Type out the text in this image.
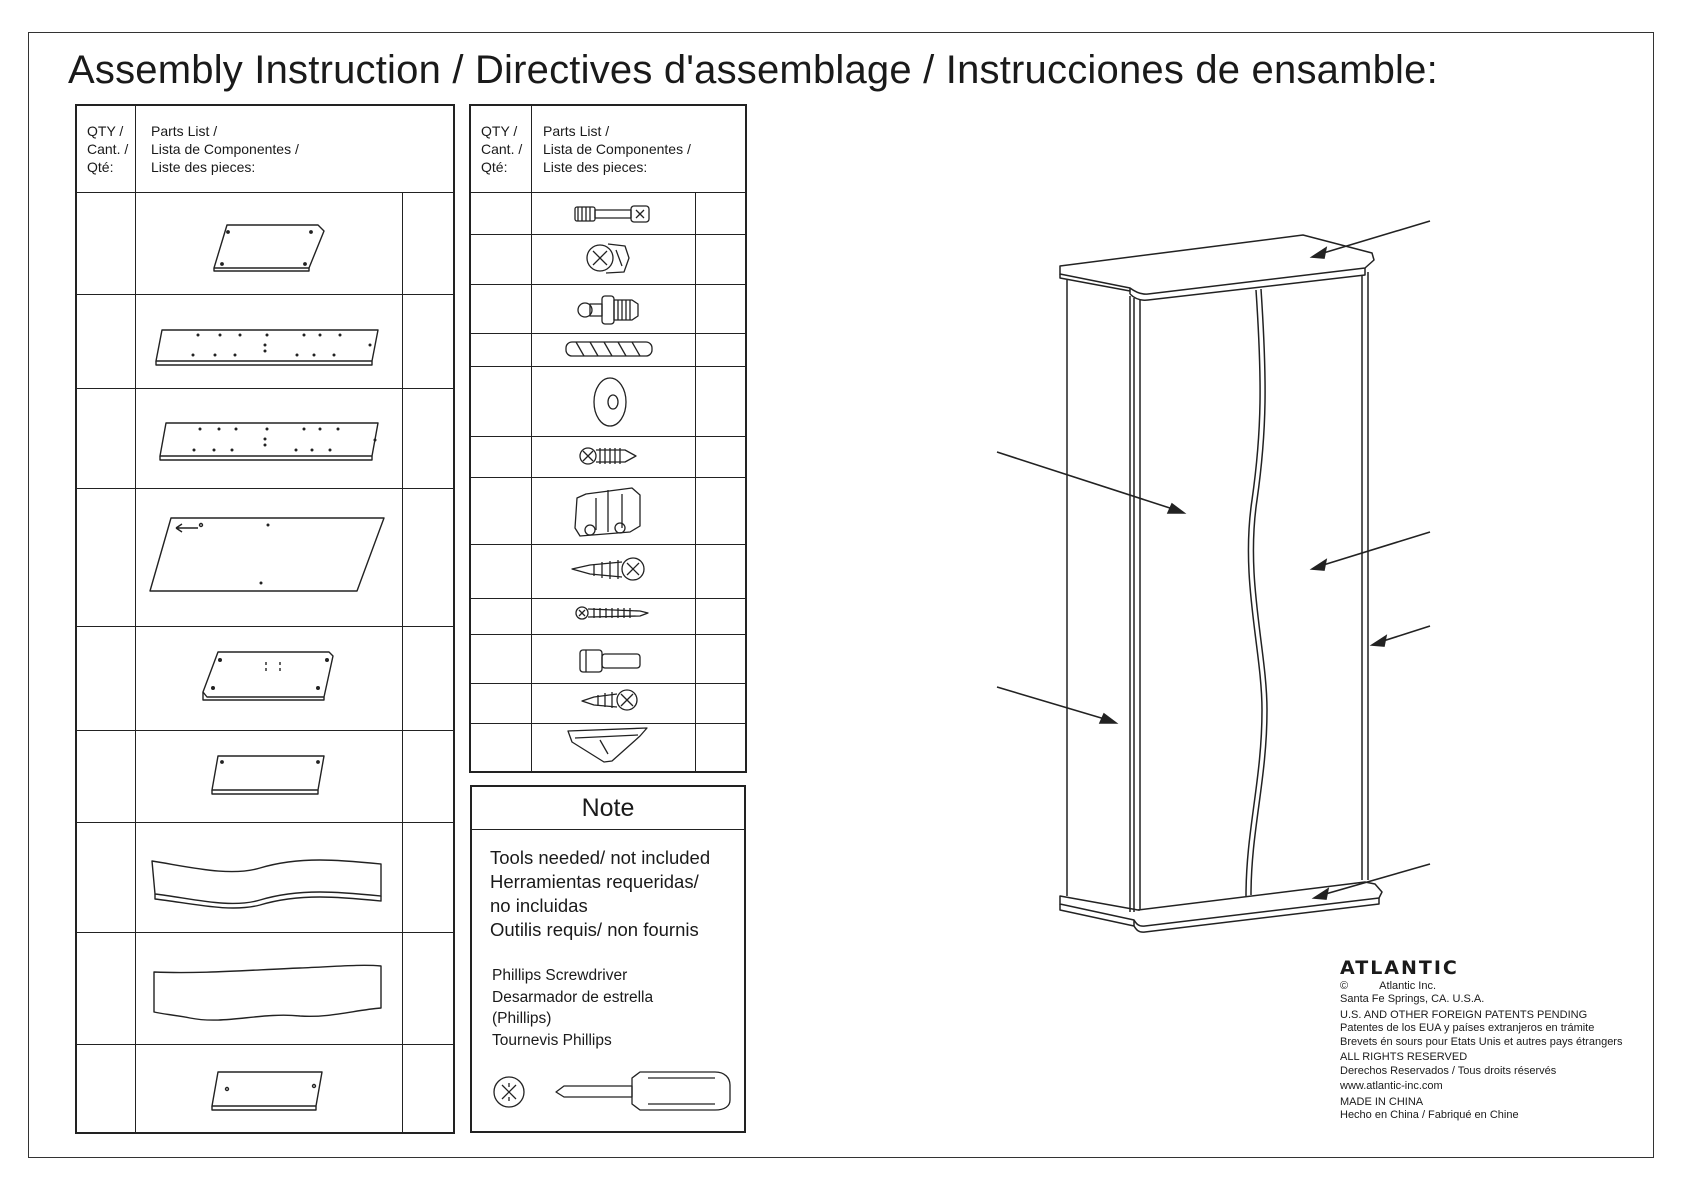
Assembly Instruction / Directives d'assemblage / Instrucciones de ensamble:
QTY /
Cant. /
Qté:
Parts List /
Lista de Componentes /
Liste des pieces:
QTY /
Cant. /
Qté:
Parts List /
Lista de Componentes /
Liste des pieces:
Note
Tools needed/ not included
Herramientas requeridas/
no incluidas
Outilis requis/ non fournis
Phillips Screwdriver
Desarmador de estrella
(Phillips)
Tournevis Phillips
ATLANTIC
©	Atlantic Inc.
Santa Fe Springs, CA. U.S.A.
U.S. AND OTHER FOREIGN PATENTS PENDING
Patentes de los EUA y países extranjeros en trámite
Brevets én sours pour Etats Unis et autres pays étrangers
ALL RIGHTS RESERVED
Derechos Reservados / Tous droits réservés
www.atlantic-inc.com
MADE IN CHINA
Hecho en China / Fabriqué en Chine
